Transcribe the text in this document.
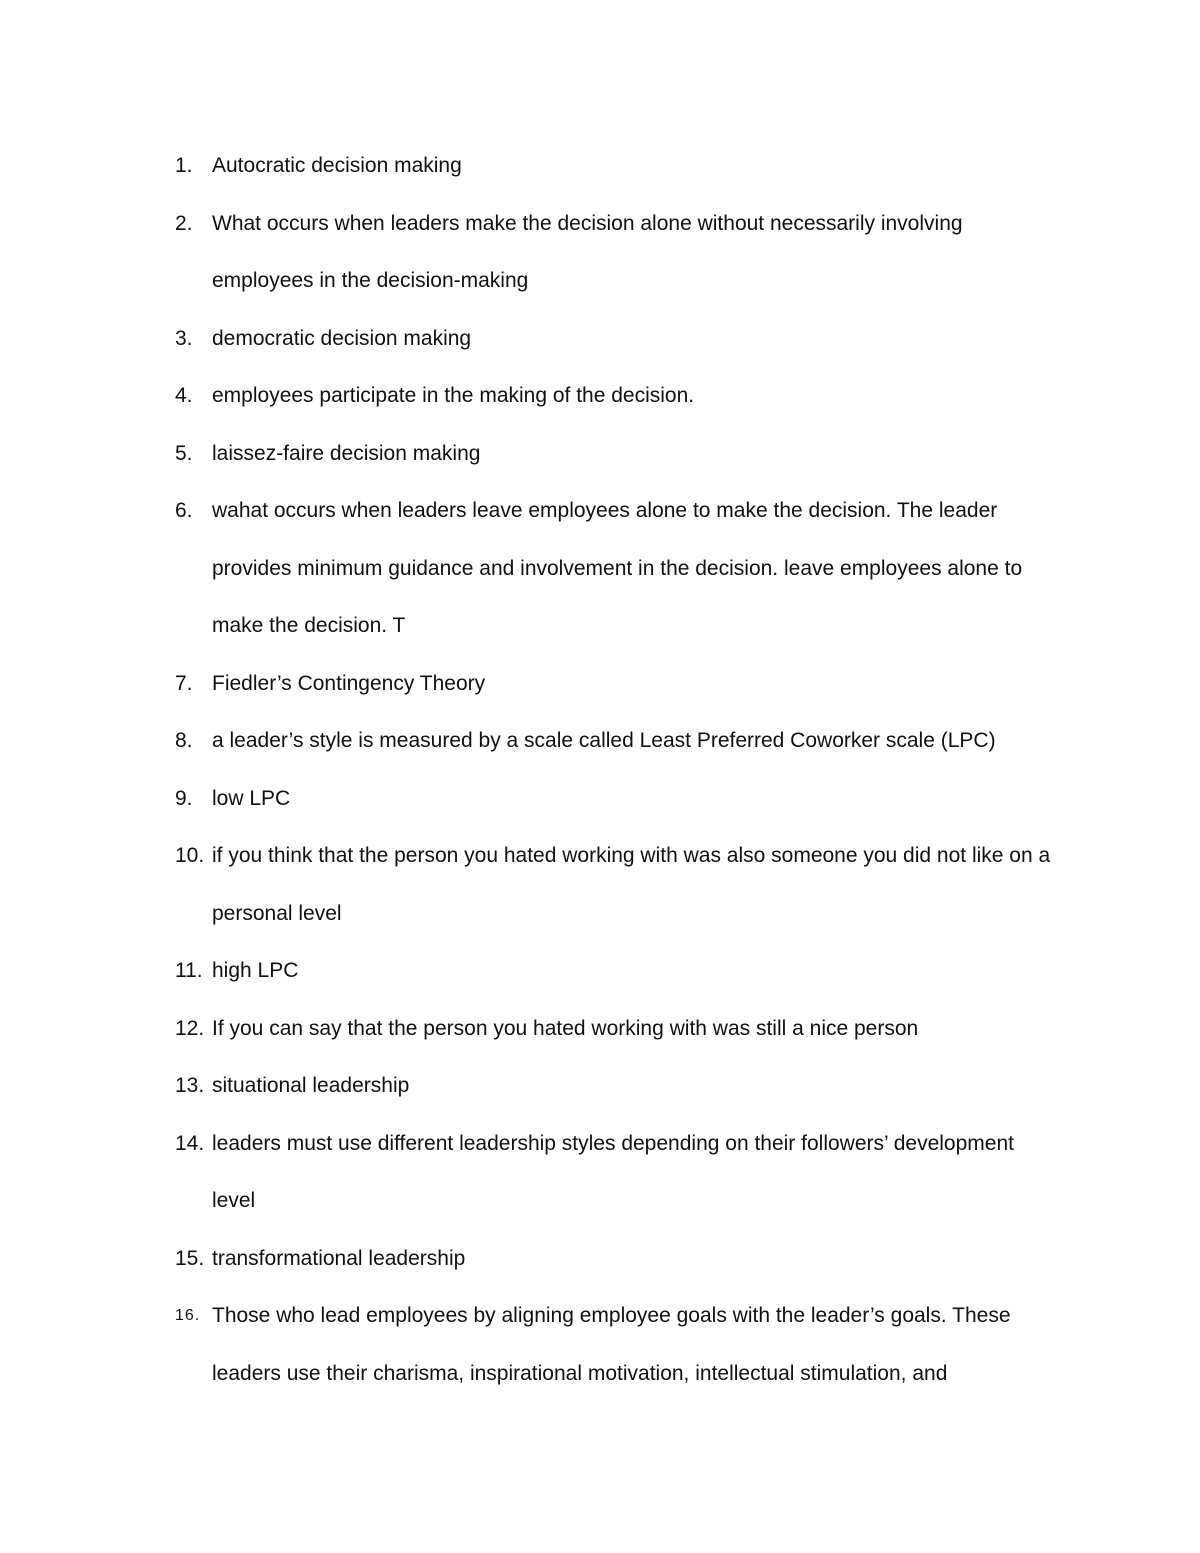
1. Autocratic decision making
2. What occurs when leaders make the decision alone without necessarily involving employees in the decision-making
3. democratic decision making
4. employees participate in the making of the decision.
5. laissez-faire decision making
6. wahat occurs when leaders leave employees alone to make the decision. The leader provides minimum guidance and involvement in the decision. leave employees alone to make the decision. T
7. Fiedler’s Contingency Theory
8. a leader’s style is measured by a scale called Least Preferred Coworker scale (LPC)
9. low LPC
10. if you think that the person you hated working with was also someone you did not like on a personal level
11. high LPC
12. If you can say that the person you hated working with was still a nice person
13. situational leadership
14. leaders must use different leadership styles depending on their followers’ development level
15. transformational leadership
16. Those who lead employees by aligning employee goals with the leader’s goals. These leaders use their charisma, inspirational motivation, intellectual stimulation, and
